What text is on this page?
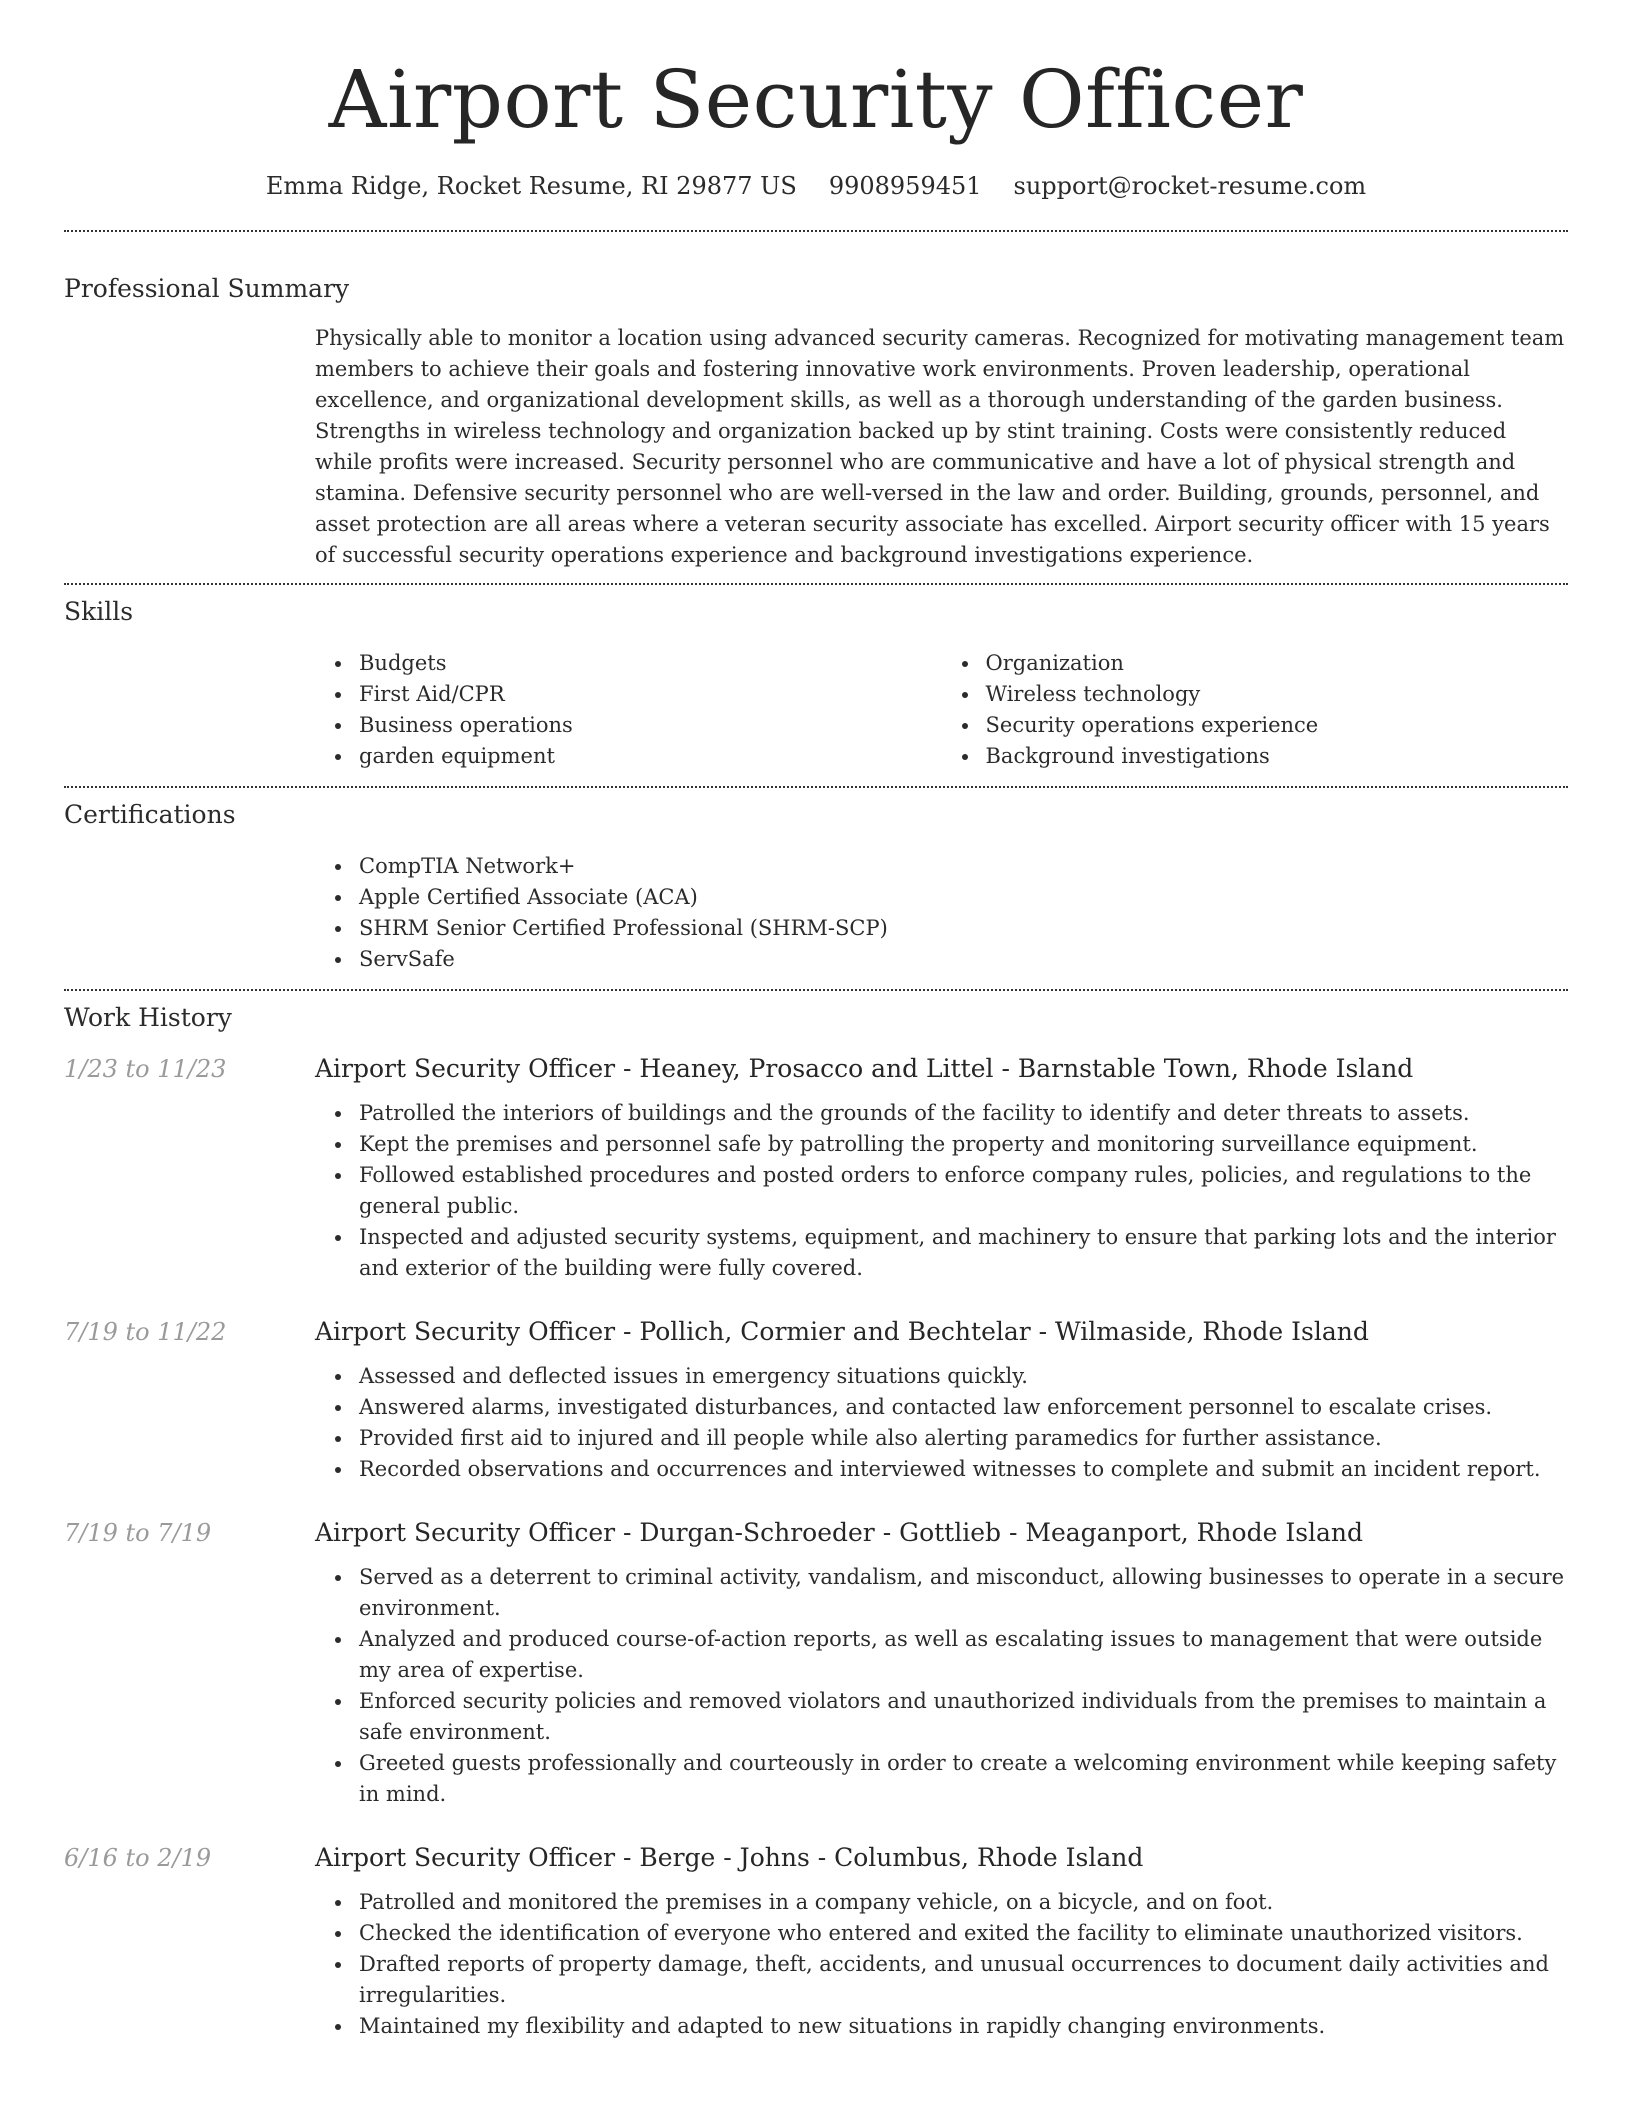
Airport Security Officer
Emma Ridge, Rocket Resume, RI 29877 US 9908959451 support@rocket-resume.com
Professional Summary
Physically able to monitor a location using advanced security cameras. Recognized for motivating management team members to achieve their goals and fostering innovative work environments. Proven leadership, operational excellence, and organizational development skills, as well as a thorough understanding of the garden business. Strengths in wireless technology and organization backed up by stint training. Costs were consistently reduced while profits were increased. Security personnel who are communicative and have a lot of physical strength and stamina. Defensive security personnel who are well-versed in the law and order. Building, grounds, personnel, and asset protection are all areas where a veteran security associate has excelled. Airport security officer with 15 years of successful security operations experience and background investigations experience.
Skills
Budgets
First Aid/CPR
Business operations
garden equipment
Organization
Wireless technology
Security operations experience
Background investigations
Certifications
CompTIA Network+
Apple Certified Associate (ACA)
SHRM Senior Certified Professional (SHRM-SCP)
ServSafe
Work History
1/23 to 11/23	Airport Security Officer - Heaney, Prosacco and Littel - Barnstable Town, Rhode Island
Patrolled the interiors of buildings and the grounds of the facility to identify and deter threats to assets.
Kept the premises and personnel safe by patrolling the property and monitoring surveillance equipment.
Followed established procedures and posted orders to enforce company rules, policies, and regulations to the general public.
Inspected and adjusted security systems, equipment, and machinery to ensure that parking lots and the interior and exterior of the building were fully covered.
7/19 to 11/22	Airport Security Officer - Pollich, Cormier and Bechtelar - Wilmaside, Rhode Island
Assessed and deflected issues in emergency situations quickly.
Answered alarms, investigated disturbances, and contacted law enforcement personnel to escalate crises.
Provided first aid to injured and ill people while also alerting paramedics for further assistance.
Recorded observations and occurrences and interviewed witnesses to complete and submit an incident report.
7/19 to 7/19	Airport Security Officer - Durgan-Schroeder - Gottlieb - Meaganport, Rhode Island
Served as a deterrent to criminal activity, vandalism, and misconduct, allowing businesses to operate in a secure environment.
Analyzed and produced course-of-action reports, as well as escalating issues to management that were outside my area of expertise.
Enforced security policies and removed violators and unauthorized individuals from the premises to maintain a safe environment.
Greeted guests professionally and courteously in order to create a welcoming environment while keeping safety in mind.
6/16 to 2/19	Airport Security Officer - Berge - Johns - Columbus, Rhode Island
Patrolled and monitored the premises in a company vehicle, on a bicycle, and on foot.
Checked the identification of everyone who entered and exited the facility to eliminate unauthorized visitors.
Drafted reports of property damage, theft, accidents, and unusual occurrences to document daily activities and irregularities.
Maintained my flexibility and adapted to new situations in rapidly changing environments.
